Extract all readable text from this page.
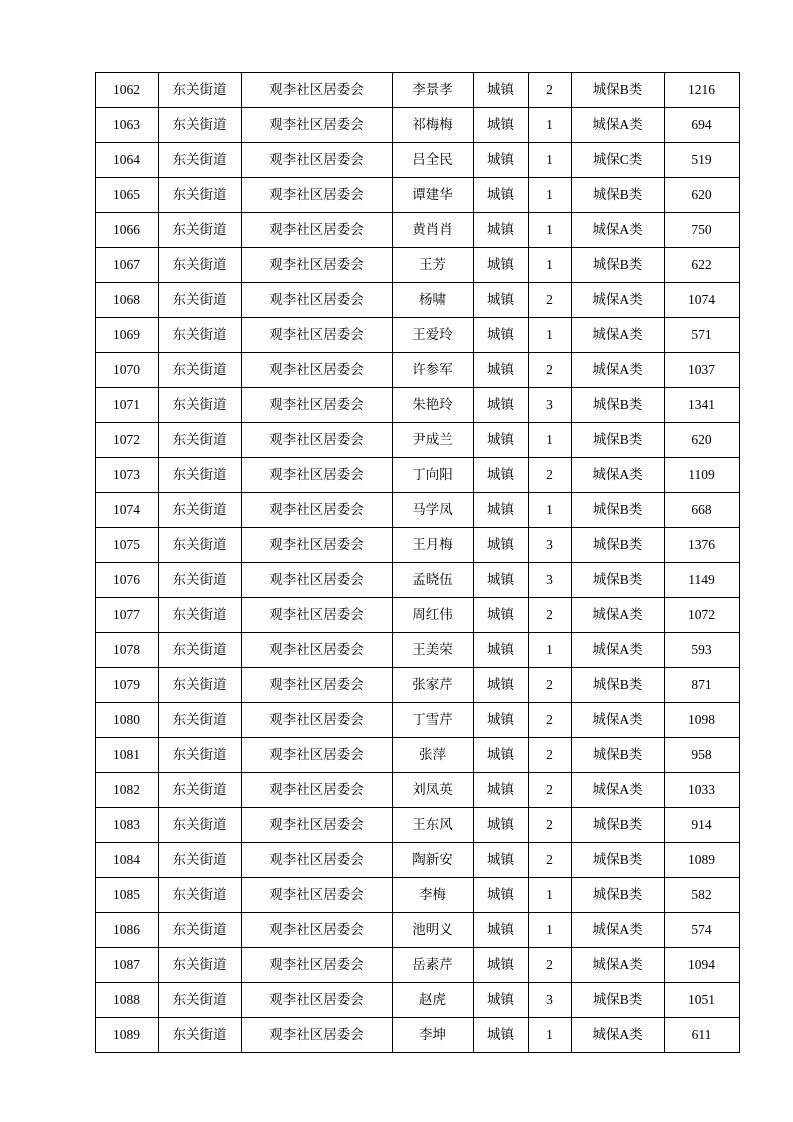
1062	东关街道	观李社区居委会	李景孝	城镇	2	城保B类	1216
1063	东关街道	观李社区居委会	祁梅梅	城镇	1	城保A类	694
1064	东关街道	观李社区居委会	吕全民	城镇	1	城保C类	519
1065	东关街道	观李社区居委会	谭建华	城镇	1	城保B类	620
1066	东关街道	观李社区居委会	黄肖肖	城镇	1	城保A类	750
1067	东关街道	观李社区居委会	王芳	城镇	1	城保B类	622
1068	东关街道	观李社区居委会	杨啸	城镇	2	城保A类	1074
1069	东关街道	观李社区居委会	王爱玲	城镇	1	城保A类	571
1070	东关街道	观李社区居委会	许参军	城镇	2	城保A类	1037
1071	东关街道	观李社区居委会	朱艳玲	城镇	3	城保B类	1341
1072	东关街道	观李社区居委会	尹成兰	城镇	1	城保B类	620
1073	东关街道	观李社区居委会	丁向阳	城镇	2	城保A类	1109
1074	东关街道	观李社区居委会	马学凤	城镇	1	城保B类	668
1075	东关街道	观李社区居委会	王月梅	城镇	3	城保B类	1376
1076	东关街道	观李社区居委会	孟晓伍	城镇	3	城保B类	1149
1077	东关街道	观李社区居委会	周红伟	城镇	2	城保A类	1072
1078	东关街道	观李社区居委会	王美荣	城镇	1	城保A类	593
1079	东关街道	观李社区居委会	张家芹	城镇	2	城保B类	871
1080	东关街道	观李社区居委会	丁雪芹	城镇	2	城保A类	1098
1081	东关街道	观李社区居委会	张萍	城镇	2	城保B类	958
1082	东关街道	观李社区居委会	刘凤英	城镇	2	城保A类	1033
1083	东关街道	观李社区居委会	王东风	城镇	2	城保B类	914
1084	东关街道	观李社区居委会	陶新安	城镇	2	城保B类	1089
1085	东关街道	观李社区居委会	李梅	城镇	1	城保B类	582
1086	东关街道	观李社区居委会	池明义	城镇	1	城保A类	574
1087	东关街道	观李社区居委会	岳素芹	城镇	2	城保A类	1094
1088	东关街道	观李社区居委会	赵虎	城镇	3	城保B类	1051
1089	东关街道	观李社区居委会	李坤	城镇	1	城保A类	611
